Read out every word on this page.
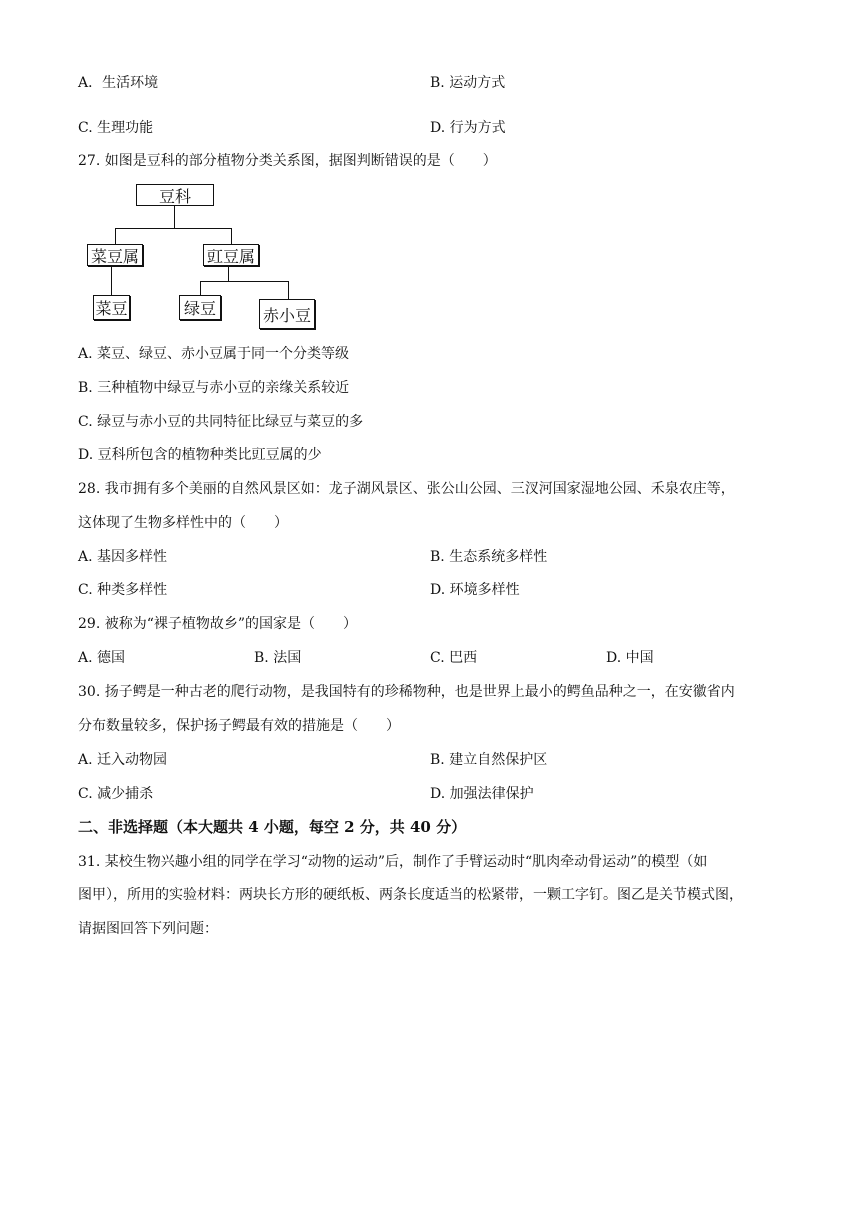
A．生活环境	B. 运动方式
C. 生理功能	D. 行为方式
27. 如图是豆科的部分植物分类关系图，据图判断错误的是（　　）
豆科
菜豆属	豇豆属
菜豆	绿豆	赤小豆
A. 菜豆、绿豆、赤小豆属于同一个分类等级
B. 三种植物中绿豆与赤小豆的亲缘关系较近
C. 绿豆与赤小豆的共同特征比绿豆与菜豆的多
D. 豆科所包含的植物种类比豇豆属的少
28. 我市拥有多个美丽的自然风景区如：龙子湖风景区、张公山公园、三汊河国家湿地公园、禾泉农庄等，
这体现了生物多样性中的（　　）
A. 基因多样性	B. 生态系统多样性
C. 种类多样性	D. 环境多样性
29. 被称为“裸子植物故乡”的国家是（　　）
A. 德国	B. 法国	C. 巴西	D. 中国
30. 扬子鳄是一种古老的爬行动物，是我国特有的珍稀物种，也是世界上最小的鳄鱼品种之一，在安徽省内
分布数量较多，保护扬子鳄最有效的措施是（　　）
A. 迁入动物园	B. 建立自然保护区
C. 减少捕杀	D. 加强法律保护
二、非选择题（本大题共 4 小题，每空 2 分，共 40 分）
31. 某校生物兴趣小组的同学在学习“动物的运动”后，制作了手臂运动时“肌肉牵动骨运动”的模型（如
图甲），所用的实验材料：两块长方形的硬纸板、两条长度适当的松紧带，一颗工字钉。图乙是关节模式图，
请据图回答下列问题：
